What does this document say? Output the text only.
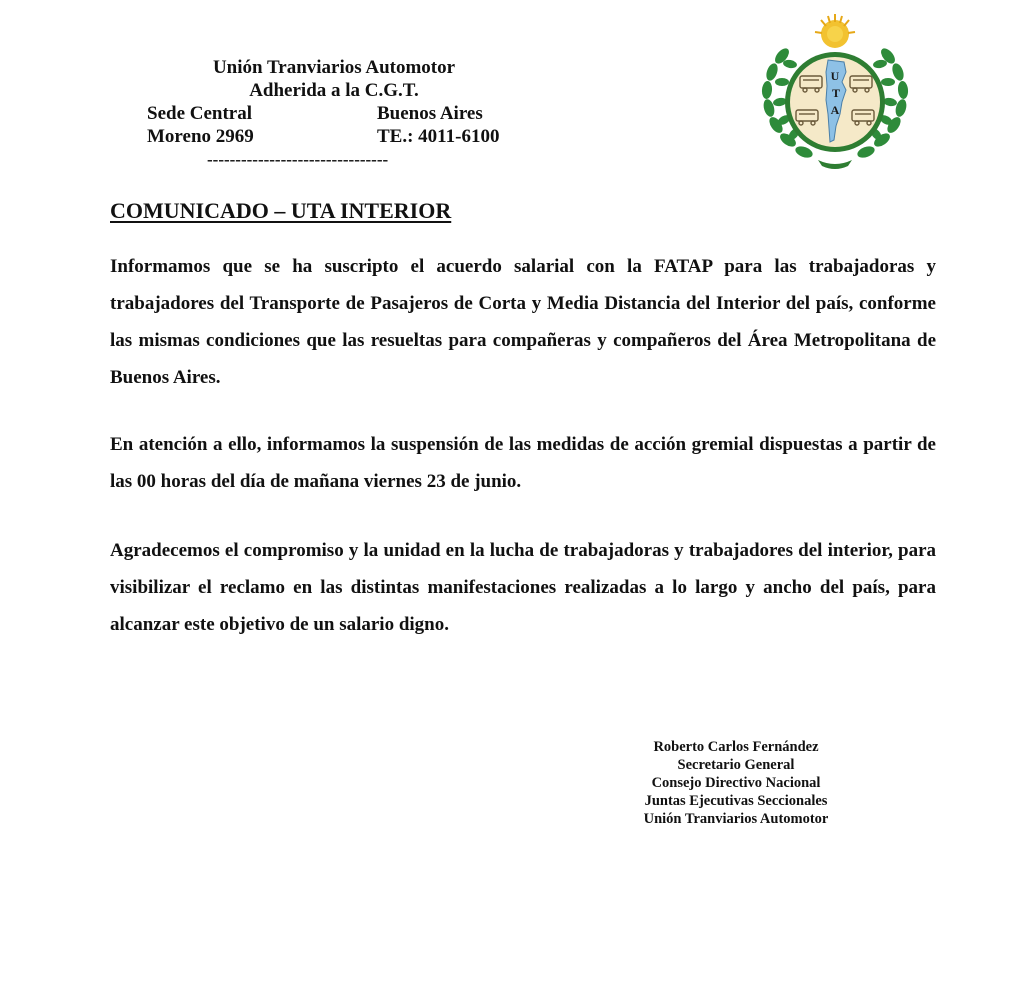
Unión Tranviarios Automotor
Adherida a la C.G.T.
Sede Central	Buenos Aires
Moreno 2969	TE.: 4011-6100
--------------------------------
U
T
A
COMUNICADO – UTA INTERIOR
Informamos que se ha suscripto el acuerdo salarial con la FATAP para las trabajadoras y trabajadores del Transporte de Pasajeros de Corta y Media Distancia del Interior del país, conforme las mismas condiciones que las resueltas para compañeras y compañeros del Área Metropolitana de Buenos Aires.
En atención a ello, informamos la suspensión de las medidas de acción gremial dispuestas a partir de las 00 horas del día de mañana viernes 23 de junio.
Agradecemos el compromiso y la unidad en la lucha de trabajadoras y trabajadores del interior, para visibilizar el reclamo en las distintas manifestaciones realizadas a lo largo y ancho del país, para alcanzar este objetivo de un salario digno.
Roberto Carlos Fernández
Secretario General
Consejo Directivo Nacional
Juntas Ejecutivas Seccionales
Unión Tranviarios Automotor
